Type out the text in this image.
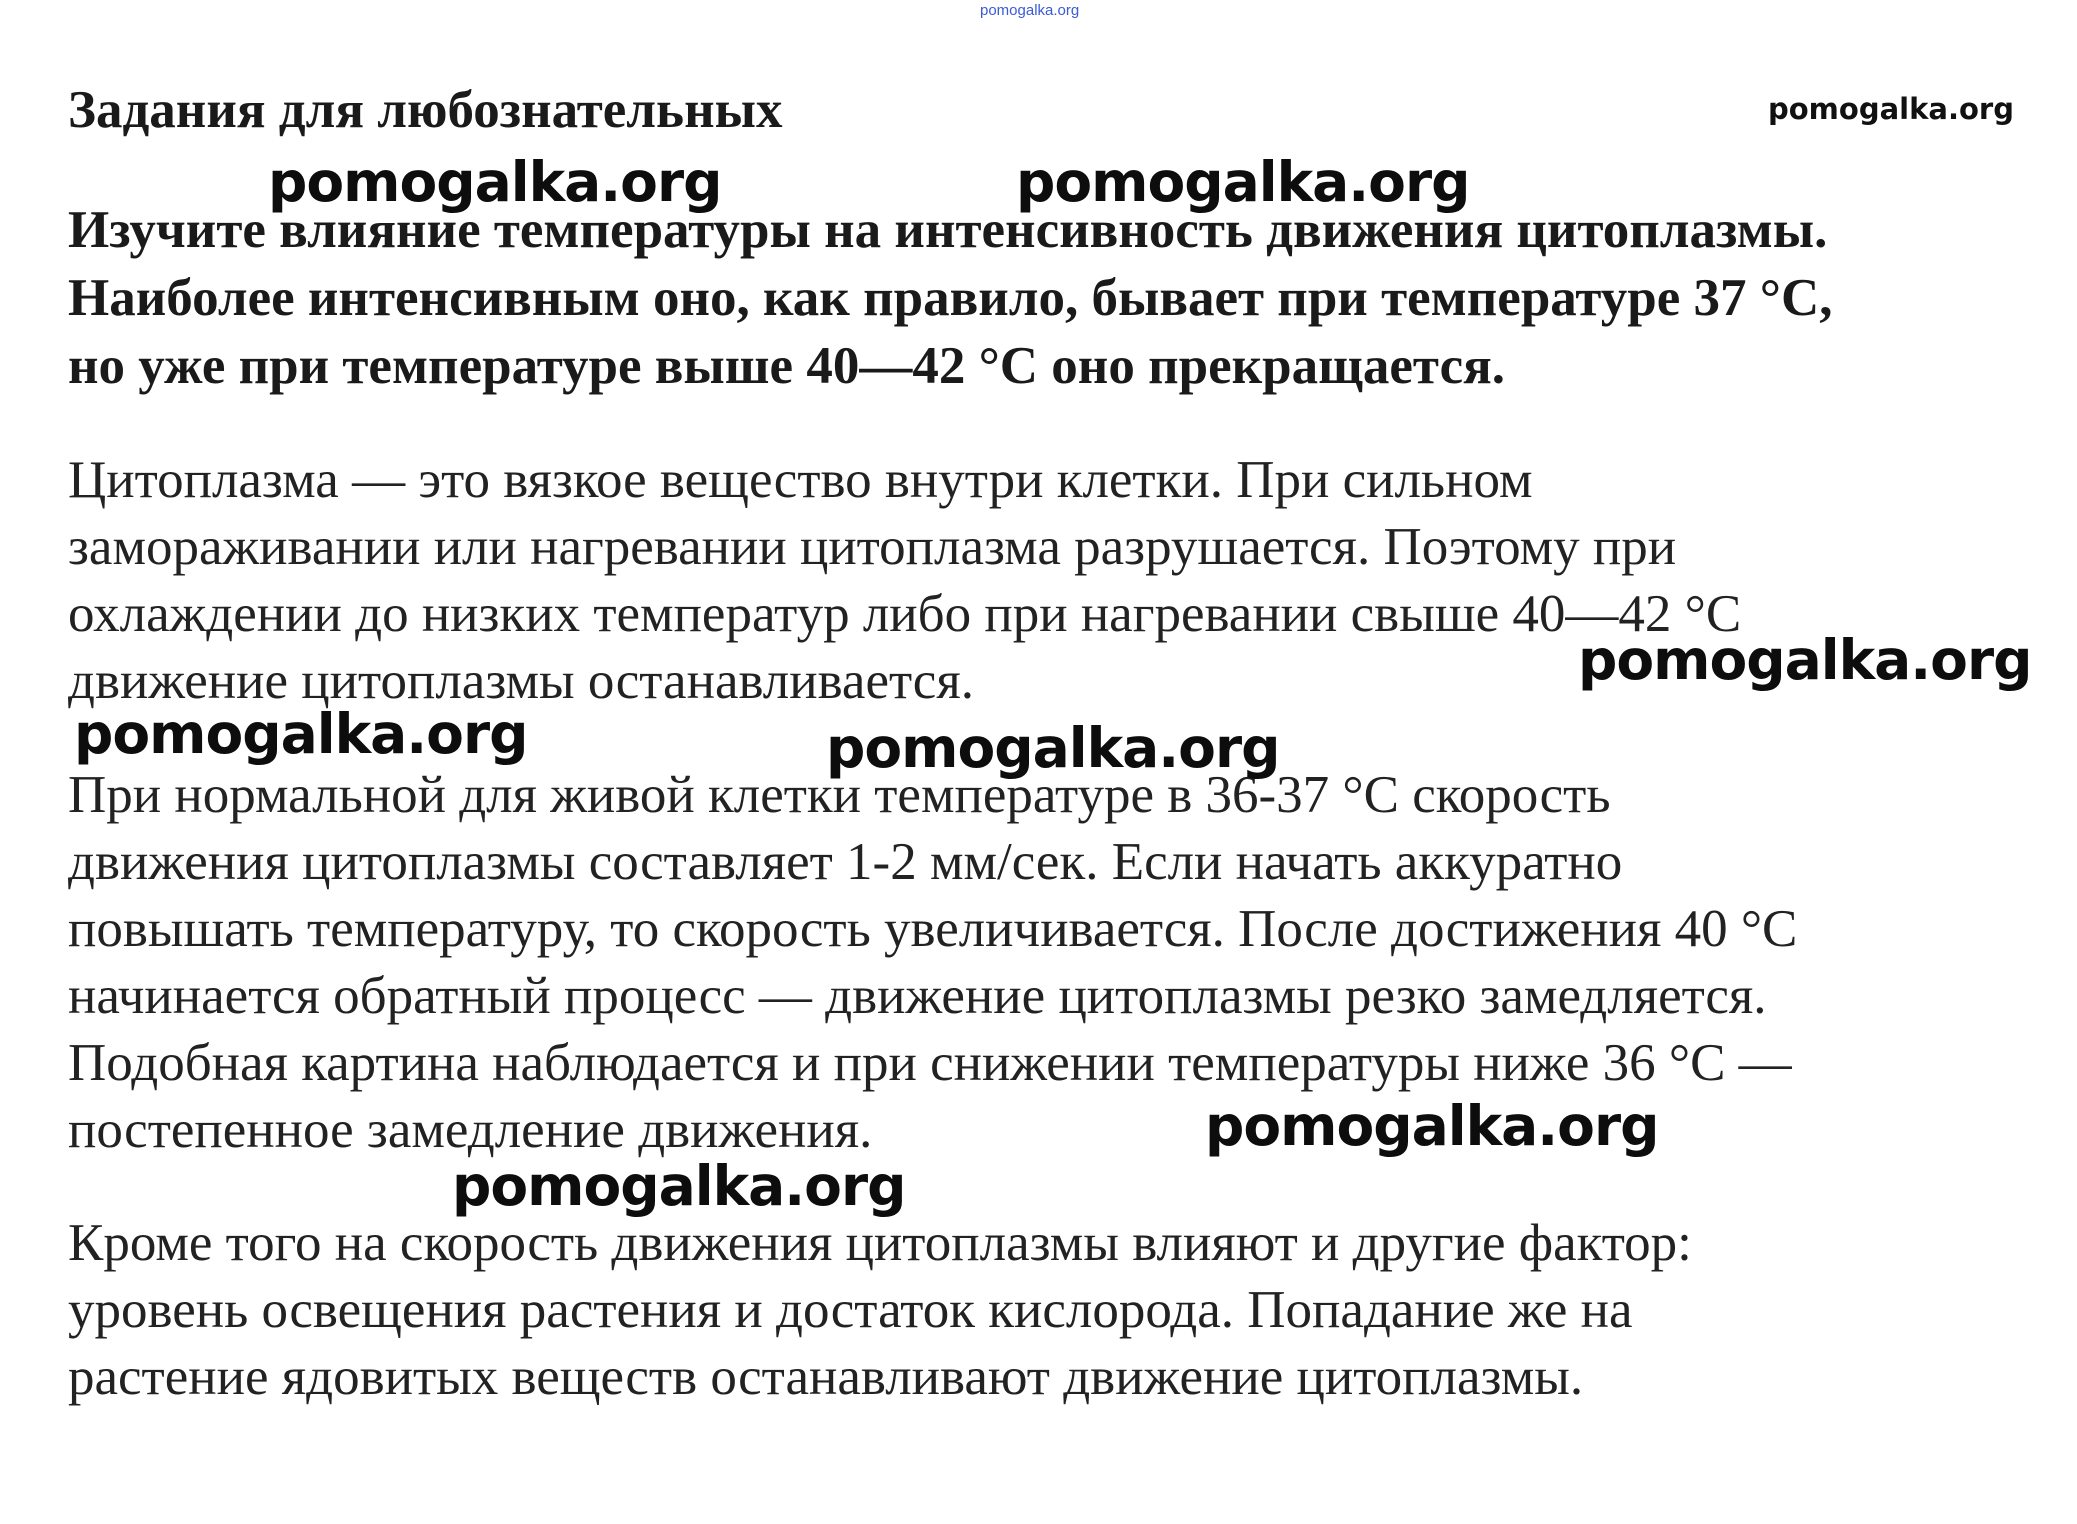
pomogalka.org
pomogalka.org
Задания для любознательных

Изучите влияние температуры на интенсивность движения цитоплазмы.
Наиболее интенсивным оно, как правило, бывает при температуре 37 °С,
но уже при температуре выше 40—42 °С оно прекращается.

Цитоплазма — это вязкое вещество внутри клетки. При сильном
замораживании или нагревании цитоплазма разрушается. Поэтому при
охлаждении до низких температур либо при нагревании свыше 40—42 °С
движение цитоплазмы останавливается.

При нормальной для живой клетки температуре в 36-37 °С скорость
движения цитоплазмы составляет 1-2 мм/сек. Если начать аккуратно
повышать температуру, то скорость увеличивается. После достижения 40 °С
начинается обратный процесс — движение цитоплазмы резко замедляется.
Подобная картина наблюдается и при снижении температуры ниже 36 °С —
постепенное замедление движения.

Кроме того на скорость движения цитоплазмы влияют и другие фактор:
уровень освещения растения и достаток кислорода. Попадание же на
растение ядовитых веществ останавливают движение цитоплазмы.

pomogalka.org	pomogalka.org
pomogalka.org
pomogalka.org	pomogalka.org
pomogalka.org
pomogalka.org
